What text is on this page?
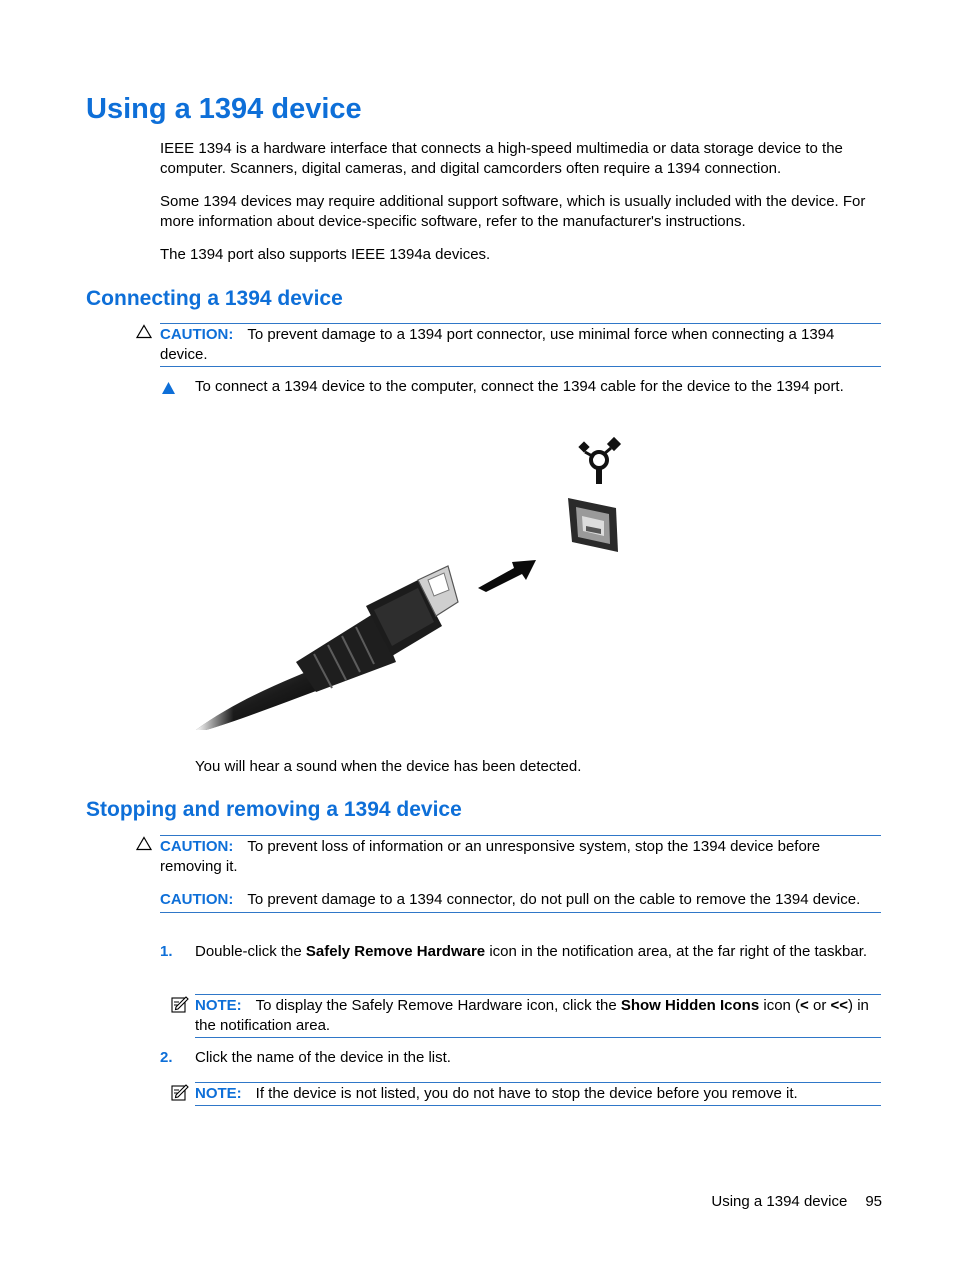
Using a 1394 device

IEEE 1394 is a hardware interface that connects a high-speed multimedia or data storage device to the computer. Scanners, digital cameras, and digital camcorders often require a 1394 connection.

Some 1394 devices may require additional support software, which is usually included with the device. For more information about device-specific software, refer to the manufacturer's instructions.

The 1394 port also supports IEEE 1394a devices.

Connecting a 1394 device
CAUTION: To prevent damage to a 1394 port connector, use minimal force when connecting a 1394 device.
To connect a 1394 device to the computer, connect the 1394 cable for the device to the 1394 port.
You will hear a sound when the device has been detected.
Stopping and removing a 1394 device
CAUTION: To prevent loss of information or an unresponsive system, stop the 1394 device before removing it.
CAUTION: To prevent damage to a 1394 connector, do not pull on the cable to remove the 1394 device.
1. Double-click the Safely Remove Hardware icon in the notification area, at the far right of the taskbar.
NOTE: To display the Safely Remove Hardware icon, click the Show Hidden Icons icon (< or <<) in the notification area.
2. Click the name of the device in the list.
NOTE: If the device is not listed, you do not have to stop the device before you remove it.
Using a 1394 device 95
